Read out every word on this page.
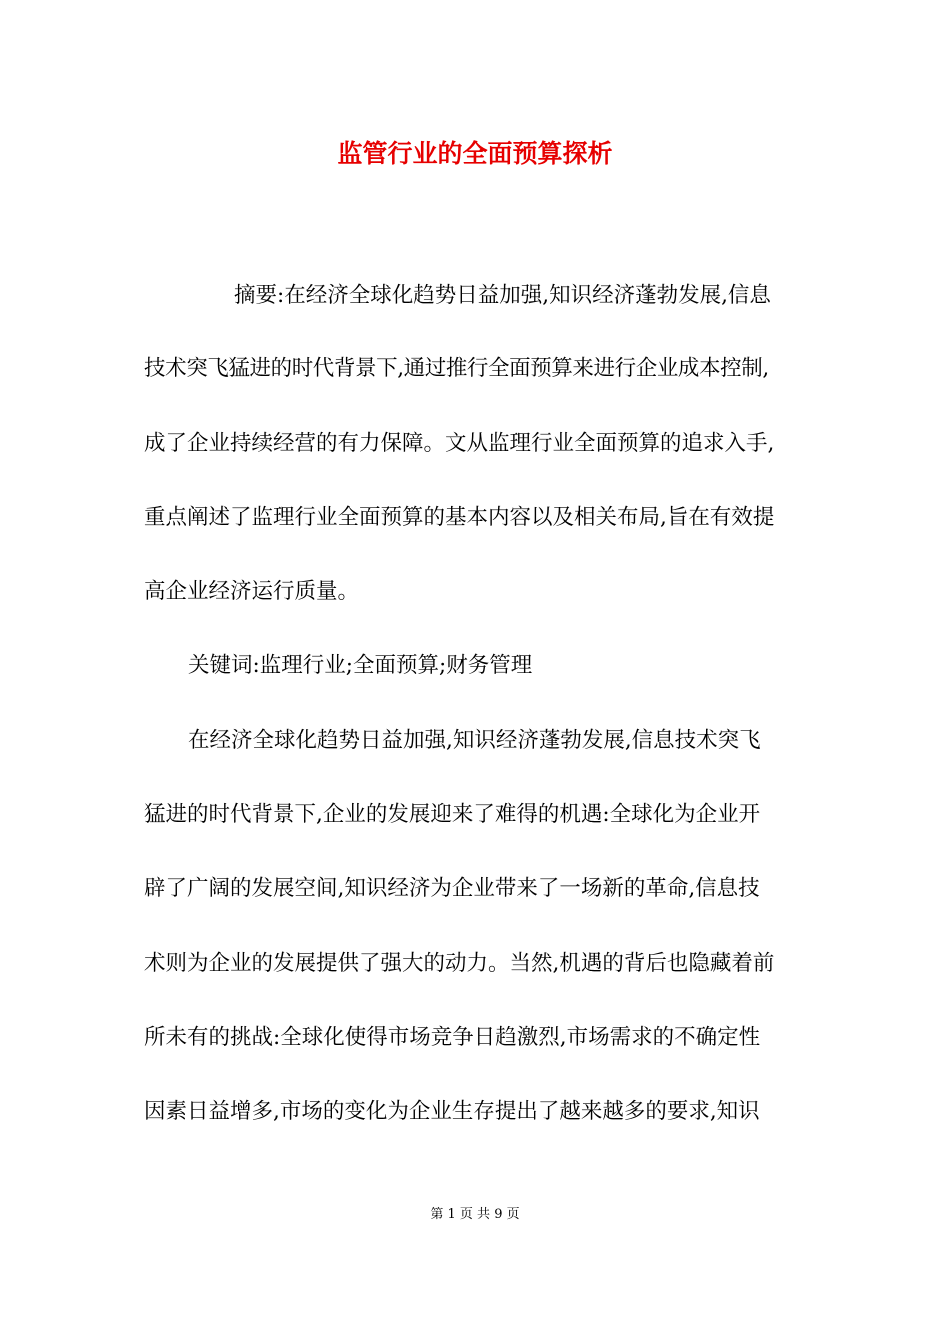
监管行业的全面预算探析

摘要:在经济全球化趋势日益加强,知识经济蓬勃发展,信息

技术突飞猛进的时代背景下,通过推行全面预算来进行企业成本控制,

成了企业持续经营的有力保障。文从监理行业全面预算的追求入手,

重点阐述了监理行业全面预算的基本内容以及相关布局,旨在有效提

高企业经济运行质量。

关键词:监理行业;全面预算;财务管理

在经济全球化趋势日益加强,知识经济蓬勃发展,信息技术突飞

猛进的时代背景下,企业的发展迎来了难得的机遇:全球化为企业开

辟了广阔的发展空间,知识经济为企业带来了一场新的革命,信息技

术则为企业的发展提供了强大的动力。当然,机遇的背后也隐藏着前

所未有的挑战:全球化使得市场竞争日趋激烈,市场需求的不确定性

因素日益增多,市场的变化为企业生存提出了越来越多的要求,知识

第 1 页 共 9 页
